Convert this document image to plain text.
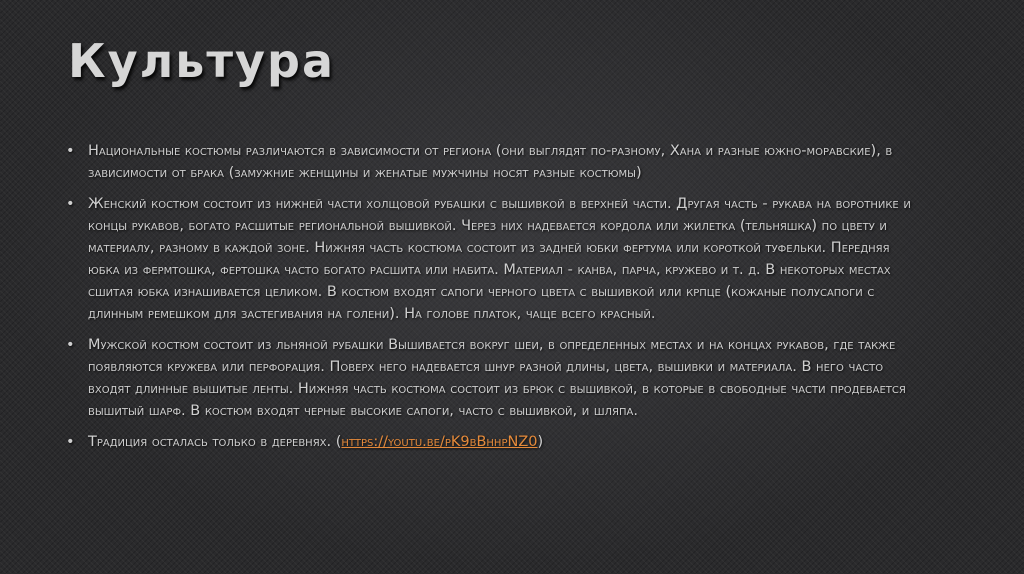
Культура
• Национальные костюмы различаются в зависимости от региона (они выглядят по-разному, Хана и разные южно-моравские), в зависимости от брака (замужние женщины и женатые мужчины носят разные костюмы)
• Женский костюм состоит из нижней части холщовой рубашки с вышивкой в верхней части. Другая часть - рукава на воротнике и концы рукавов, богато расшитые региональной вышивкой. Через них надевается кордола или жилетка (тельняшка) по цвету и материалу, разному в каждой зоне. Нижняя часть костюма состоит из задней юбки фертума или короткой туфельки. Передняя юбка из фермтошка, фертошка часто богато расшита или набита. Материал - канва, парча, кружево и т. д. В некоторых местах сшитая юбка изнашивается целиком. В костюм входят сапоги черного цвета с вышивкой или крпце (кожаные полусапоги с длинным ремешком для застегивания на голени). На голове платок, чаще всего красный.
• Мужской костюм состоит из льняной рубашки Вышивается вокруг шеи, в определенных местах и на концах рукавов, где также появляются кружева или перфорация. Поверх него надевается шнур разной длины, цвета, вышивки и материала. В него часто входят длинные вышитые ленты. Нижняя часть костюма состоит из брюк с вышивкой, в которые в свободные части продевается вышитый шарф. В костюм входят черные высокие сапоги, часто с вышивкой, и шляпа.
• Традиция осталась только в деревнях. (https://youtu.be/pK9bBhhpNZ0)
